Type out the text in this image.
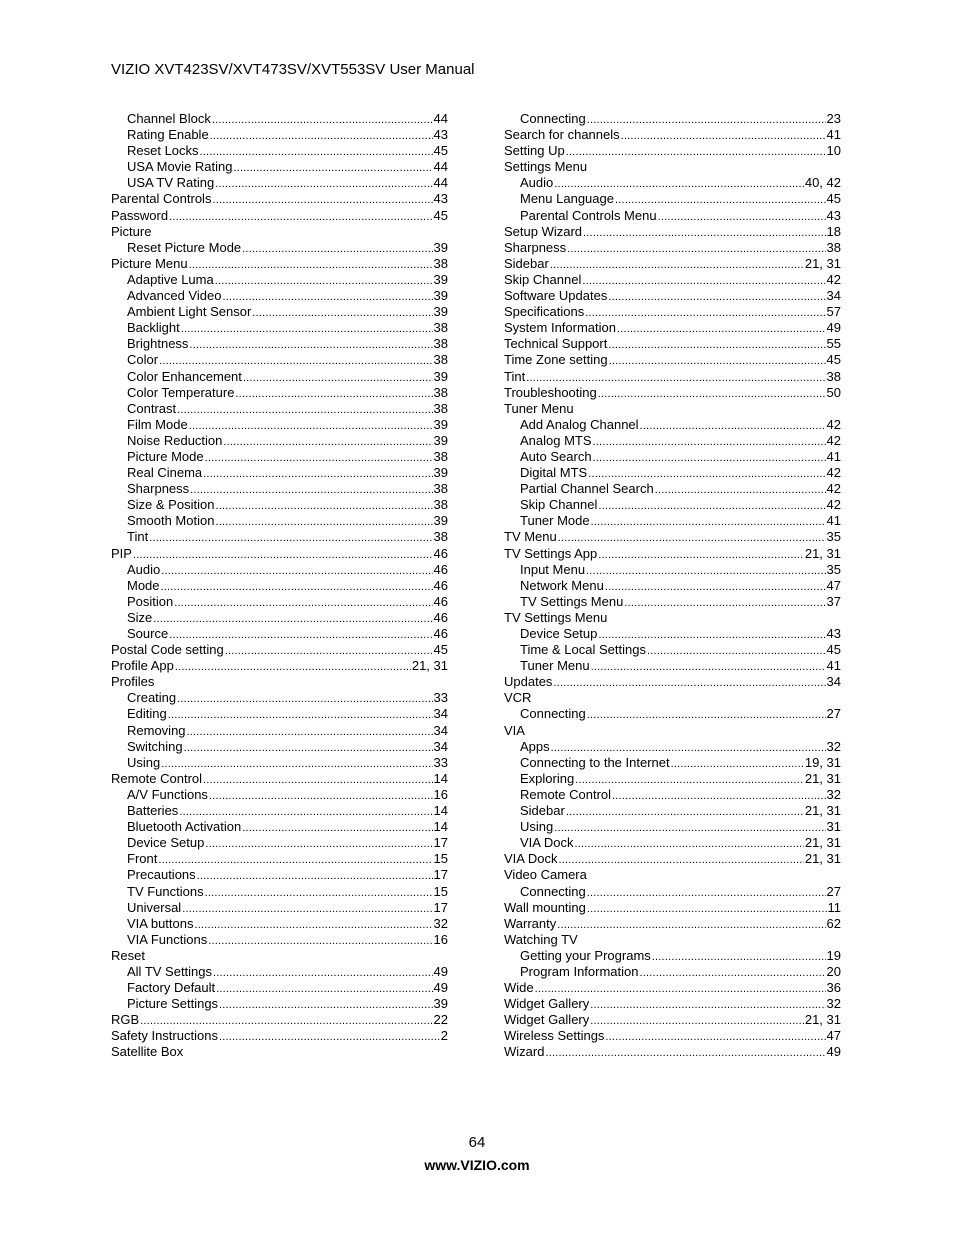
VIZIO XVT423SV/XVT473SV/XVT553SV User Manual
Channel Block .....	44
Rating Enable .....	43
Reset Locks .....	45
USA Movie Rating .....	44
USA TV Rating .....	44
Parental Controls .....	43
Password .....	45
Picture
Reset Picture Mode .....	39
Picture Menu .....	38
Adaptive Luma .....	39
Advanced Video .....	39
Ambient Light Sensor .....	39
Backlight .....	38
Brightness .....	38
Color .....	38
Color Enhancement .....	39
Color Temperature .....	38
Contrast .....	38
Film Mode .....	39
Noise Reduction .....	39
Picture Mode .....	38
Real Cinema .....	39
Sharpness .....	38
Size & Position .....	38
Smooth Motion .....	39
Tint .....	38
PIP .....	46
Audio .....	46
Mode .....	46
Position .....	46
Size .....	46
Source .....	46
Postal Code setting .....	45
Profile App .....	21, 31
Profiles
Creating .....	33
Editing .....	34
Removing .....	34
Switching .....	34
Using .....	33
Remote Control .....	14
A/V Functions .....	16
Batteries .....	14
Bluetooth Activation .....	14
Device Setup .....	17
Front .....	15
Precautions .....	17
TV Functions .....	15
Universal .....	17
VIA buttons .....	32
VIA Functions .....	16
Reset
All TV Settings .....	49
Factory Default .....	49
Picture Settings .....	39
RGB .....	22
Safety Instructions .....	2
Satellite Box
Connecting .....	23
Search for channels .....	41
Setting Up .....	10
Settings Menu
Audio .....	40, 42
Menu Language .....	45
Parental Controls Menu .....	43
Setup Wizard .....	18
Sharpness .....	38
Sidebar .....	21, 31
Skip Channel .....	42
Software Updates .....	34
Specifications .....	57
System Information .....	49
Technical Support .....	55
Time Zone setting .....	45
Tint .....	38
Troubleshooting .....	50
Tuner Menu
Add Analog Channel .....	42
Analog MTS .....	42
Auto Search .....	41
Digital MTS .....	42
Partial Channel Search .....	42
Skip Channel .....	42
Tuner Mode .....	41
TV Menu .....	35
TV Settings App .....	21, 31
Input Menu .....	35
Network Menu .....	47
TV Settings Menu .....	37
TV Settings Menu
Device Setup .....	43
Time & Local Settings .....	45
Tuner Menu .....	41
Updates .....	34
VCR
Connecting .....	27
VIA
Apps .....	32
Connecting to the Internet .....	19, 31
Exploring .....	21, 31
Remote Control .....	32
Sidebar .....	21, 31
Using .....	31
VIA Dock .....	21, 31
VIA Dock .....	21, 31
Video Camera
Connecting .....	27
Wall mounting .....	11
Warranty .....	62
Watching TV
Getting your Programs .....	19
Program Information .....	20
Wide .....	36
Widget Gallery .....	32
Widget Gallery .....	21, 31
Wireless Settings .....	47
Wizard .....	49
64
www.VIZIO.com
